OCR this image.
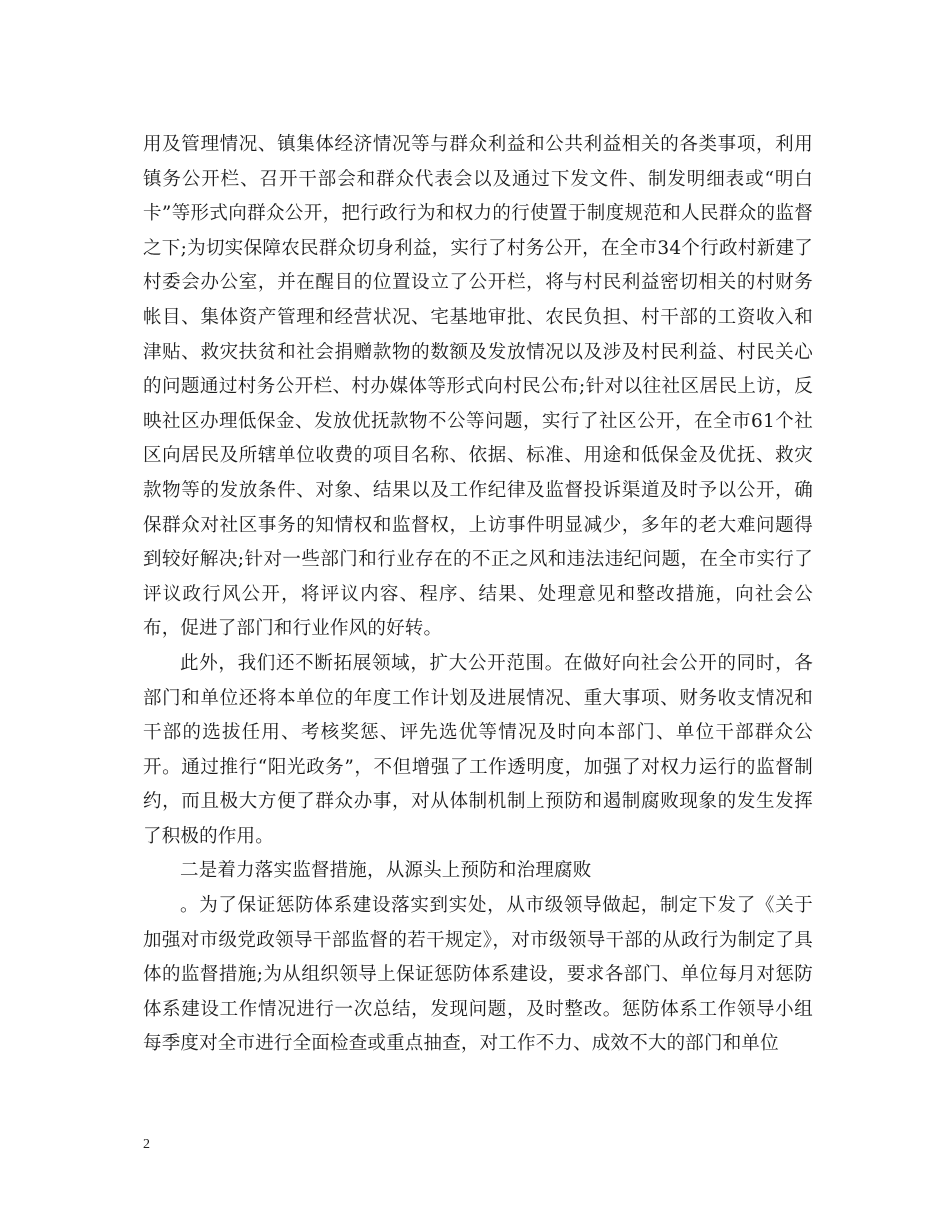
用及管理情况、镇集体经济情况等与群众利益和公共利益相关的各类事项，利用镇务公开栏、召开干部会和群众代表会以及通过下发文件、制发明细表或“明白卡”等形式向群众公开，把行政行为和权力的行使置于制度规范和人民群众的监督之下;为切实保障农民群众切身利益，实行了村务公开，在全市34个行政村新建了村委会办公室，并在醒目的位置设立了公开栏，将与村民利益密切相关的村财务帐目、集体资产管理和经营状况、宅基地审批、农民负担、村干部的工资收入和津贴、救灾扶贫和社会捐赠款物的数额及发放情况以及涉及村民利益、村民关心的问题通过村务公开栏、村办媒体等形式向村民公布;针对以往社区居民上访，反映社区办理低保金、发放优抚款物不公等问题，实行了社区公开，在全市61个社区向居民及所辖单位收费的项目名称、依据、标准、用途和低保金及优抚、救灾款物等的发放条件、对象、结果以及工作纪律及监督投诉渠道及时予以公开，确保群众对社区事务的知情权和监督权，上访事件明显减少，多年的老大难问题得到较好解决;针对一些部门和行业存在的不正之风和违法违纪问题，在全市实行了评议政行风公开，将评议内容、程序、结果、处理意见和整改措施，向社会公布，促进了部门和行业作风的好转。

此外，我们还不断拓展领域，扩大公开范围。在做好向社会公开的同时，各部门和单位还将本单位的年度工作计划及进展情况、重大事项、财务收支情况和干部的选拔任用、考核奖惩、评先选优等情况及时向本部门、单位干部群众公开。通过推行“阳光政务”，不但增强了工作透明度，加强了对权力运行的监督制约，而且极大方便了群众办事，对从体制机制上预防和遏制腐败现象的发生发挥了积极的作用。

二是着力落实监督措施，从源头上预防和治理腐败

。为了保证惩防体系建设落实到实处，从市级领导做起，制定下发了《关于加强对市级党政领导干部监督的若干规定》，对市级领导干部的从政行为制定了具体的监督措施;为从组织领导上保证惩防体系建设，要求各部门、单位每月对惩防体系建设工作情况进行一次总结，发现问题，及时整改。惩防体系工作领导小组每季度对全市进行全面检查或重点抽查，对工作不力、成效不大的部门和单位

2
